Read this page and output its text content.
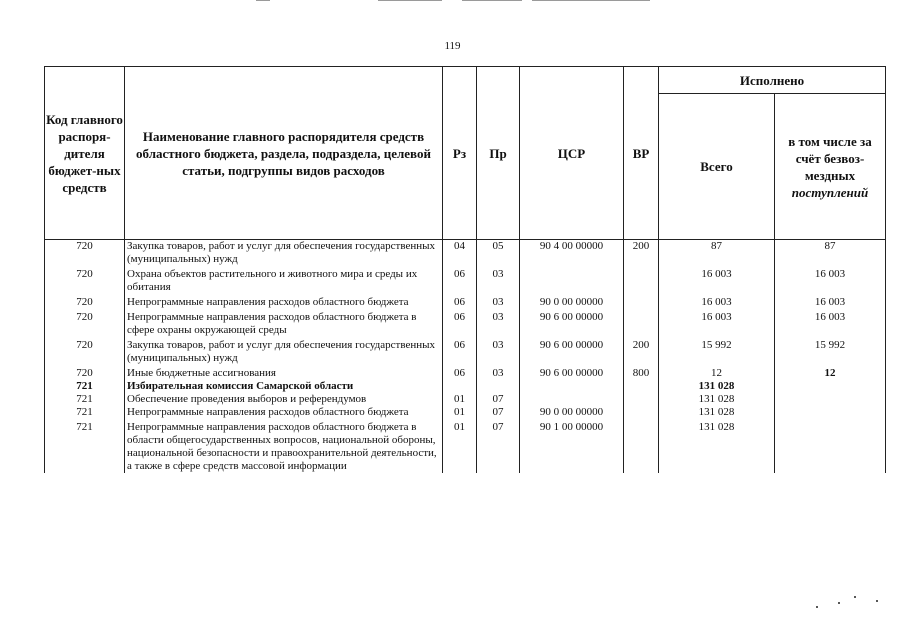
119
Код главного распоря-дителя бюджет-ных средств	Наименование главного распорядителя средств областного бюджета, раздела, подраздела, целевой статьи, подгруппы видов расходов	Рз	Пр	ЦСР	ВР	Исполнено	
						Всего	в том числе за счёт безвоз-мездных поступлений
720	Закупка товаров, работ и услуг для обеспечения государственных (муниципальных) нужд	04	05	90 4 00 00000	200	87	87
720	Охрана объектов растительного и животного мира и среды их обитания	06	03			16 003	16 003
720	Непрограммные направления расходов областного бюджета	06	03	90 0 00 00000		16 003	16 003
720	Непрограммные направления расходов областного бюджета в сфере охраны окружающей среды	06	03	90 6 00 00000		16 003	16 003
720	Закупка товаров, работ и услуг для обеспечения государственных (муниципальных) нужд	06	03	90 6 00 00000	200	15 992	15 992
720	Иные бюджетные ассигнования	06	03	90 6 00 00000	800	12	12
721	Избирательная комиссия Самарской области					131 028	
721	Обеспечение проведения выборов и референдумов	01	07			131 028	
721	Непрограммные направления расходов областного бюджета	01	07	90 0 00 00000		131 028	
721	Непрограммные направления расходов областного бюджета в области общегосударственных вопросов, национальной обороны, национальной безопасности и правоохранительной деятельности, а также в сфере средств массовой информации	01	07	90 1 00 00000		131 028	
